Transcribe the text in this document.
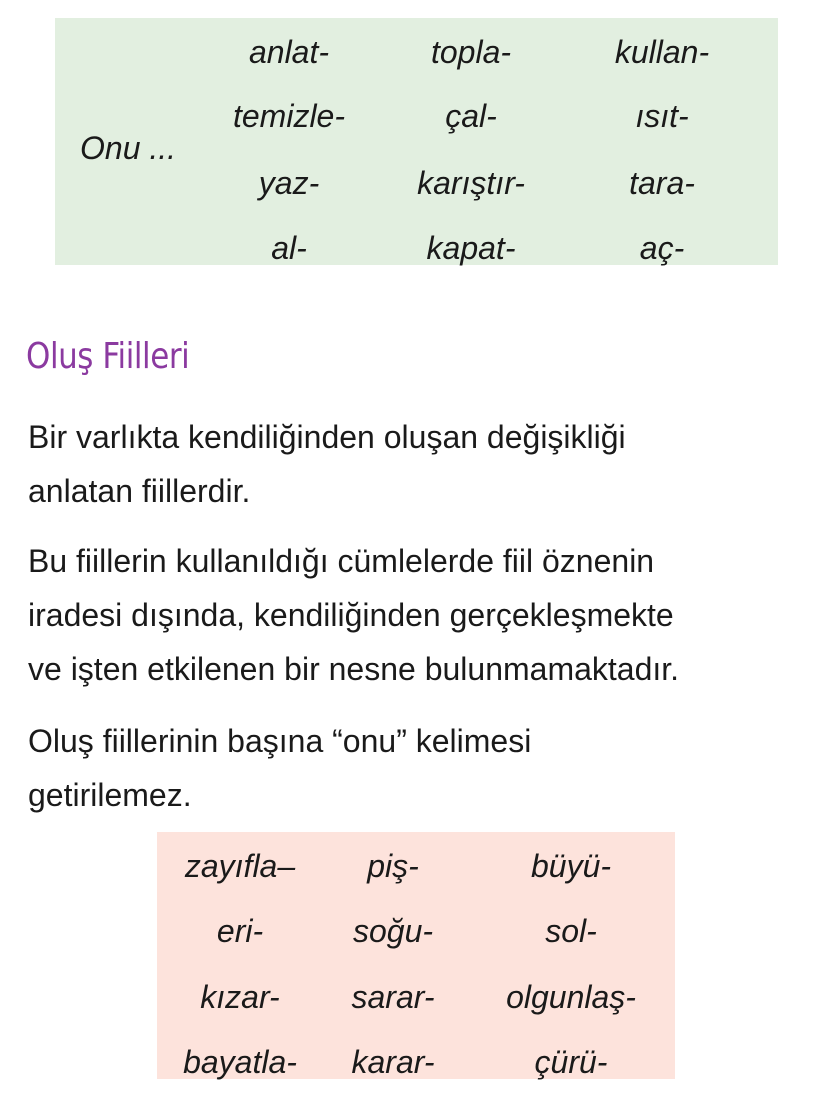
Onu ...
anlat-	topla-	kullan-
temizle-	çal-	ısıt-
yaz-	karıştır-	tara-
al-	kapat-	aç-
Oluş Fiilleri
Bir varlıkta kendiliğinden oluşan değişikliği
anlatan fiillerdir.
Bu fiillerin kullanıldığı cümlelerde fiil öznenin
iradesi dışında, kendiliğinden gerçekleşmekte
ve işten etkilenen bir nesne bulunmamaktadır.
Oluş fiillerinin başına “onu” kelimesi
getirilemez.
zayıfla–	piş-	büyü-
eri-	soğu-	sol-
kızar-	sarar-	olgunlaş-
bayatla-	karar-	çürü-
